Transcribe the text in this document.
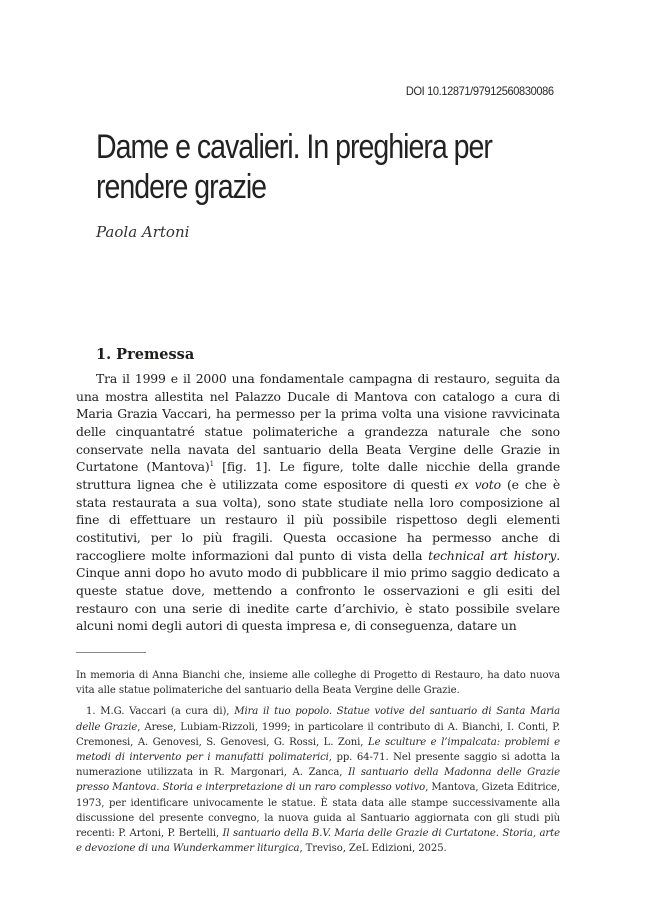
DOI 10.12871/97912560830086
Dame e cavalieri. In preghiera per rendere grazie

Paola Artoni

1. Premessa

Tra il 1999 e il 2000 una fondamentale campagna di restauro, seguita da una mostra allestita nel Palazzo Ducale di Mantova con catalogo a cura di Maria Grazia Vaccari, ha permesso per la prima volta una visione ravvicinata delle cinquantatré statue polimateriche a grandezza naturale che sono conservate nella navata del santuario della Beata Vergine delle Grazie in Curtatone (Mantova)$^1$ [fig. 1]. Le figure, tolte dalle nicchie della grande struttura lignea che è utilizzata come espositore di questi ex voto (e che è stata restaurata a sua volta), sono state studiate nella loro composizione al fine di effettuare un restauro il più possibile rispettoso degli elementi costitutivi, per lo più fragili. Questa occasione ha permesso anche di raccogliere molte informazioni dal punto di vista della technical art history. Cinque anni dopo ho avuto modo di pubblicare il mio primo saggio dedicato a queste statue dove, mettendo a confronto le osservazioni e gli esiti del restauro con una serie di inedite carte d’archivio, è stato possibile svelare alcuni nomi degli autori di questa impresa e, di conseguenza, datare un

In memoria di Anna Bianchi che, insieme alle colleghe di Progetto di Restauro, ha dato nuova vita alle statue polimateriche del santuario della Beata Vergine delle Grazie.

1. M.G. Vaccari (a cura di), Mira il tuo popolo. Statue votive del santuario di Santa Maria delle Grazie, Arese, Lubiam-Rizzoli, 1999; in particolare il contributo di A. Bianchi, I. Conti, P. Cremonesi, A. Genovesi, S. Genovesi, G. Rossi, L. Zoni, Le sculture e l’impalcata: problemi e metodi di intervento per i manufatti polimaterici, pp. 64-71. Nel presente saggio si adotta la numerazione utilizzata in R. Margonari, A. Zanca, Il santuario della Madonna delle Grazie presso Mantova. Storia e interpretazione di un raro complesso votivo, Mantova, Gizeta Editrice, 1973, per identificare univocamente le statue. È stata data alle stampe successivamente alla discussione del presente convegno, la nuova guida al Santuario aggiornata con gli studi più recenti: P. Artoni, P. Bertelli, Il santuario della B.V. Maria delle Grazie di Curtatone. Storia, arte e devozione di una Wunderkammer liturgica, Treviso, ZeL Edizioni, 2025.
